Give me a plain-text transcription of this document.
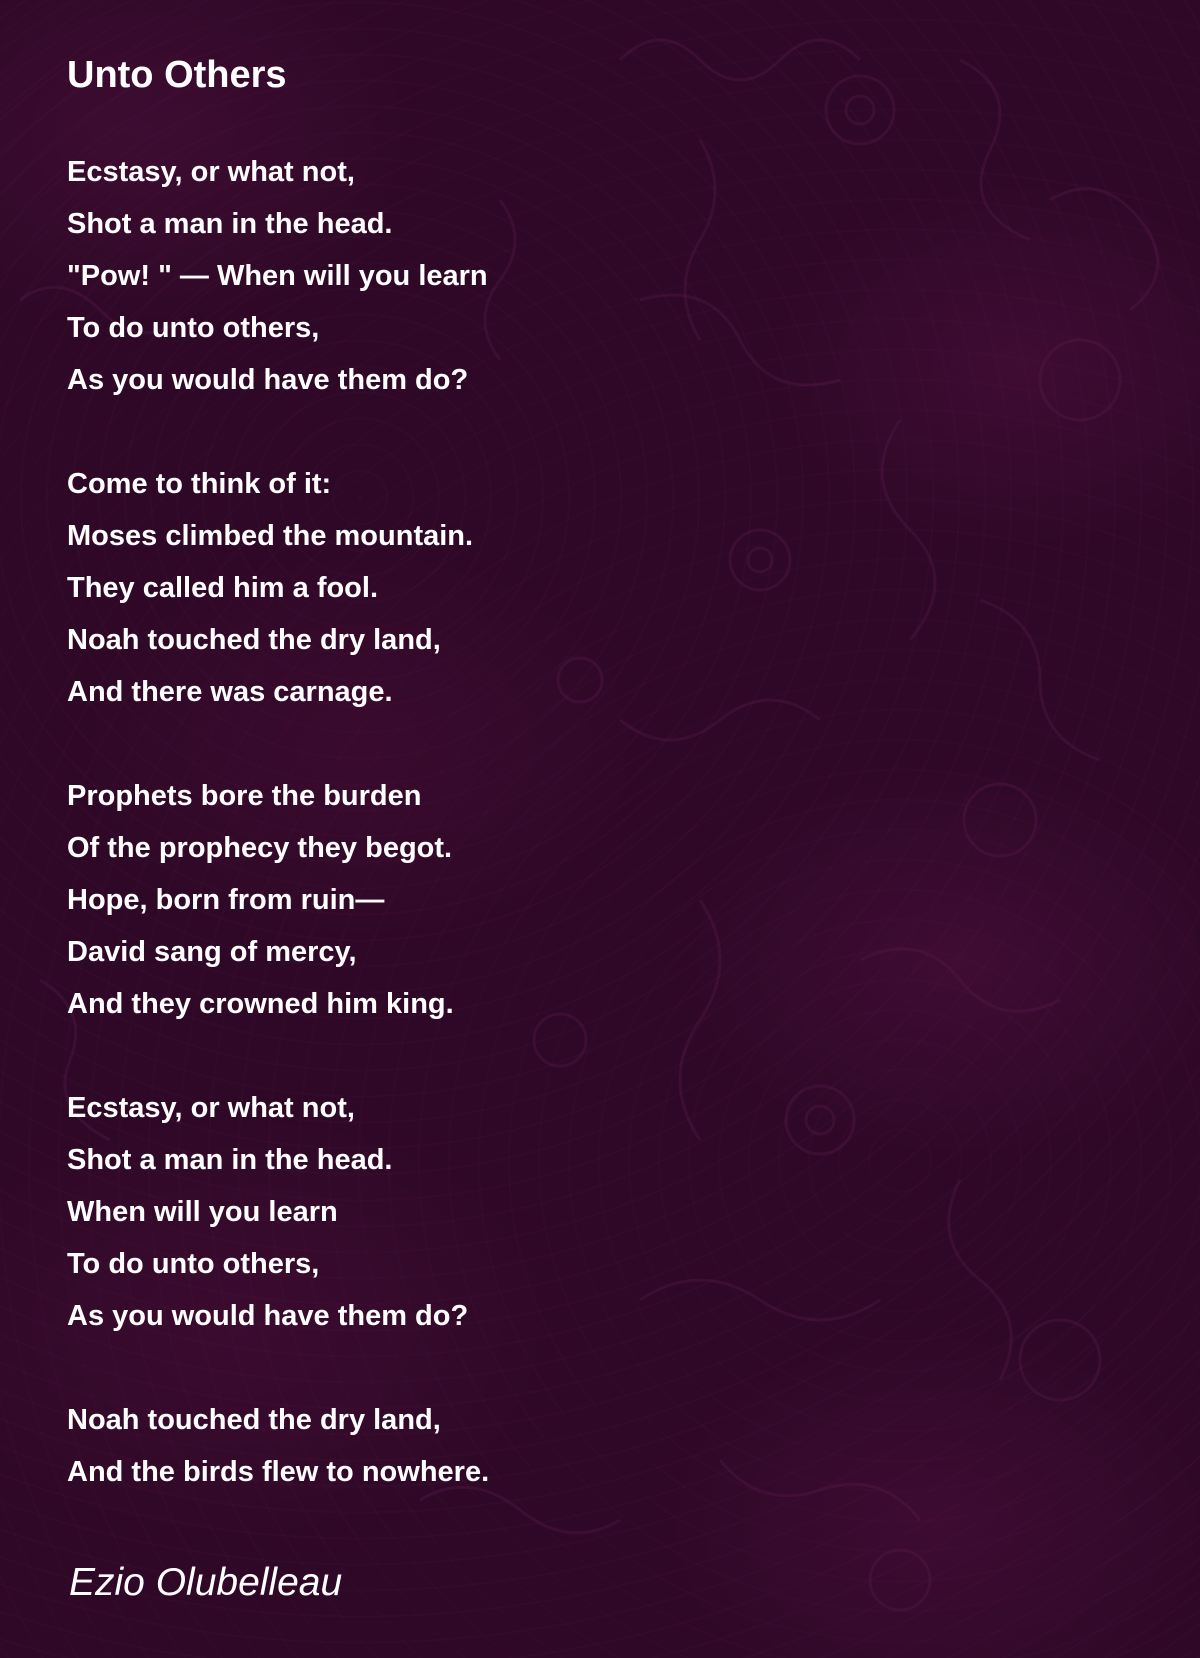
Unto Others
Ecstasy, or what not,
Shot a man in the head.
"Pow! " — When will you learn
To do unto others,
As you would have them do?
Come to think of it:
Moses climbed the mountain.
They called him a fool.
Noah touched the dry land,
And there was carnage.
Prophets bore the burden
Of the prophecy they begot.
Hope, born from ruin—
David sang of mercy,
And they crowned him king.
Ecstasy, or what not,
Shot a man in the head.
When will you learn
To do unto others,
As you would have them do?
Noah touched the dry land,
And the birds flew to nowhere.
Ezio Olubelleau
